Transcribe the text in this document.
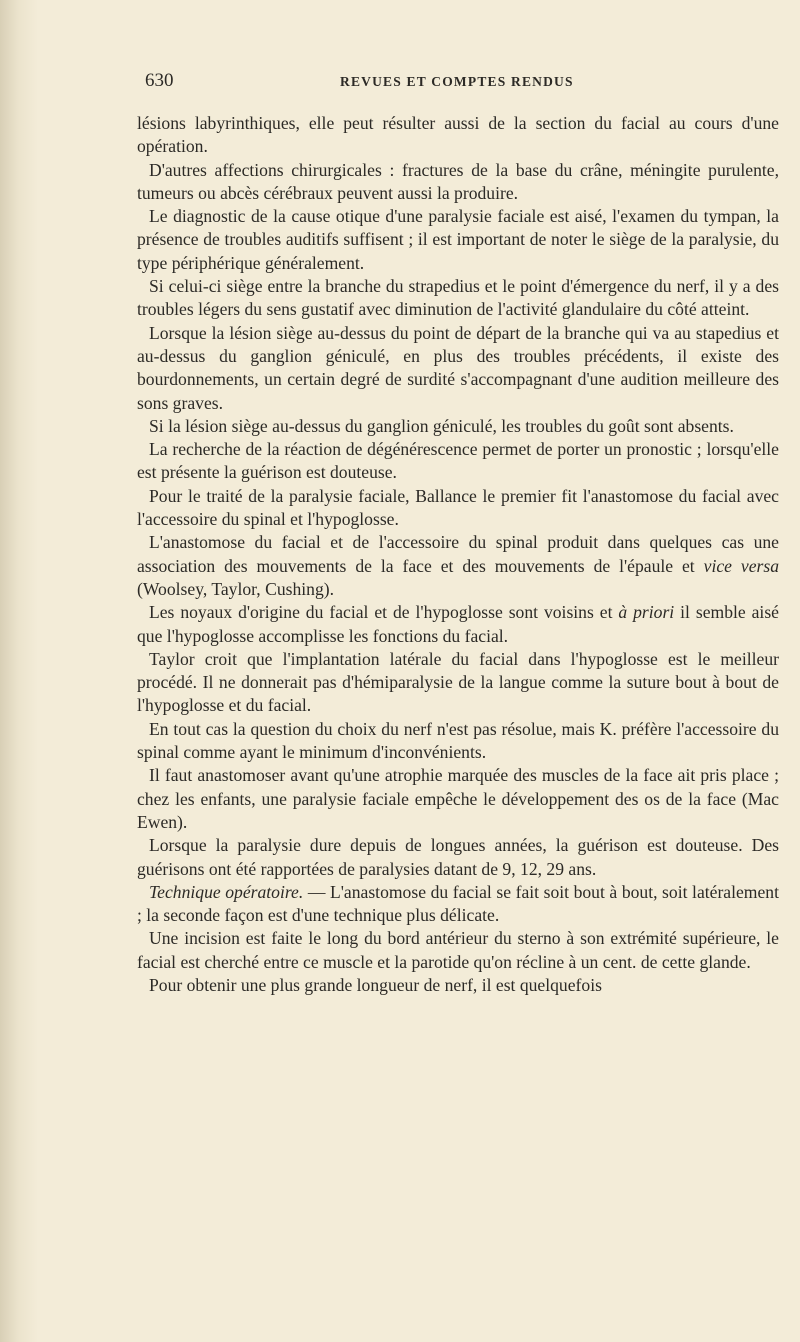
630	REVUES ET COMPTES RENDUS

lésions labyrinthiques, elle peut résulter aussi de la section du facial au cours d'une opération.

D'autres affections chirurgicales : fractures de la base du crâne, méningite purulente, tumeurs ou abcès cérébraux peuvent aussi la produire.

Le diagnostic de la cause otique d'une paralysie faciale est aisé, l'examen du tympan, la présence de troubles auditifs suffisent ; il est important de noter le siège de la paralysie, du type périphérique généralement.

Si celui-ci siège entre la branche du strapedius et le point d'émergence du nerf, il y a des troubles légers du sens gustatif avec diminution de l'activité glandulaire du côté atteint.

Lorsque la lésion siège au-dessus du point de départ de la branche qui va au stapedius et au-dessus du ganglion géniculé, en plus des troubles précédents, il existe des bourdonnements, un certain degré de surdité s'accompagnant d'une audition meilleure des sons graves.

Si la lésion siège au-dessus du ganglion géniculé, les troubles du goût sont absents.

La recherche de la réaction de dégénérescence permet de porter un pronostic ; lorsqu'elle est présente la guérison est douteuse.

Pour le traité de la paralysie faciale, Ballance le premier fit l'anastomose du facial avec l'accessoire du spinal et l'hypoglosse.

L'anastomose du facial et de l'accessoire du spinal produit dans quelques cas une association des mouvements de la face et des mouvements de l'épaule et vice versa (Woolsey, Taylor, Cushing).

Les noyaux d'origine du facial et de l'hypoglosse sont voisins et à priori il semble aisé que l'hypoglosse accomplisse les fonctions du facial.

Taylor croit que l'implantation latérale du facial dans l'hypoglosse est le meilleur procédé. Il ne donnerait pas d'hémiparalysie de la langue comme la suture bout à bout de l'hypoglosse et du facial.

En tout cas la question du choix du nerf n'est pas résolue, mais K. préfère l'accessoire du spinal comme ayant le minimum d'inconvénients.

Il faut anastomoser avant qu'une atrophie marquée des muscles de la face ait pris place ; chez les enfants, une paralysie faciale empêche le développement des os de la face (Mac Ewen).

Lorsque la paralysie dure depuis de longues années, la guérison est douteuse. Des guérisons ont été rapportées de paralysies datant de 9, 12, 29 ans.

Technique opératoire. — L'anastomose du facial se fait soit bout à bout, soit latéralement ; la seconde façon est d'une technique plus délicate.

Une incision est faite le long du bord antérieur du sterno à son extrémité supérieure, le facial est cherché entre ce muscle et la parotide qu'on récline à un cent. de cette glande.

Pour obtenir une plus grande longueur de nerf, il est quelquefois
